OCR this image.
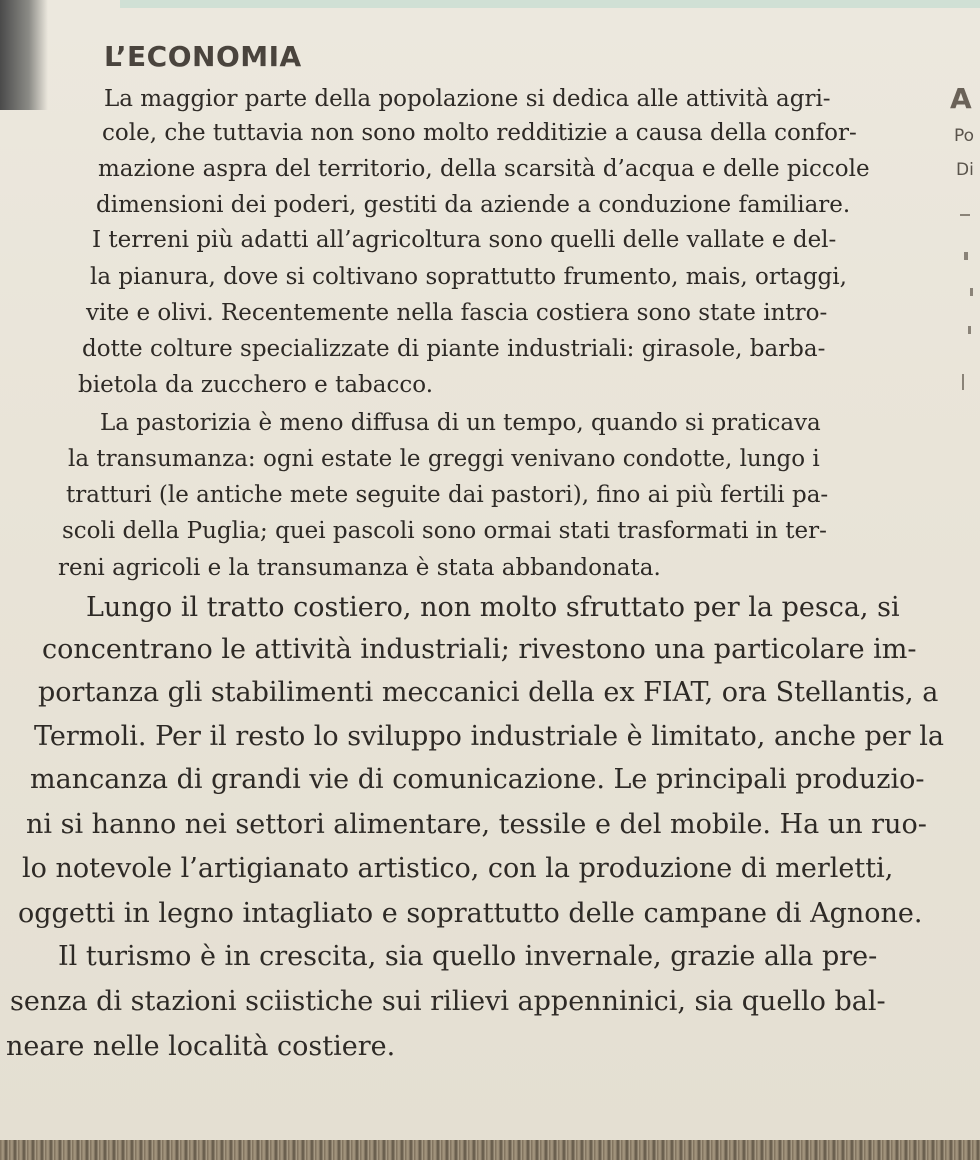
L’ECONOMIA
La maggior parte della popolazione si dedica alle attività agri-
cole, che tuttavia non sono molto redditizie a causa della confor-
mazione aspra del territorio, della scarsità d’acqua e delle piccole
dimensioni dei poderi, gestiti da aziende a conduzione familiare.
I terreni più adatti all’agricoltura sono quelli delle vallate e del-
la pianura, dove si coltivano soprattutto frumento, mais, ortaggi,
vite e olivi. Recentemente nella fascia costiera sono state intro-
dotte colture specializzate di piante industriali: girasole, barba-
bietola da zucchero e tabacco.
La pastorizia è meno diffusa di un tempo, quando si praticava
la transumanza: ogni estate le greggi venivano condotte, lungo i
tratturi (le antiche mete seguite dai pastori), fino ai più fertili pa-
scoli della Puglia; quei pascoli sono ormai stati trasformati in ter-
reni agricoli e la transumanza è stata abbandonata.
Lungo il tratto costiero, non molto sfruttato per la pesca, si
concentrano le attività industriali; rivestono una particolare im-
portanza gli stabilimenti meccanici della ex FIAT, ora Stellantis, a
Termoli. Per il resto lo sviluppo industriale è limitato, anche per la
mancanza di grandi vie di comunicazione. Le principali produzio-
ni si hanno nei settori alimentare, tessile e del mobile. Ha un ruo-
lo notevole l’artigianato artistico, con la produzione di merletti,
oggetti in legno intagliato e soprattutto delle campane di Agnone.
Il turismo è in crescita, sia quello invernale, grazie alla pre-
senza di stazioni sciistiche sui rilievi appenninici, sia quello bal-
neare nelle località costiere.
A
Po
Di
